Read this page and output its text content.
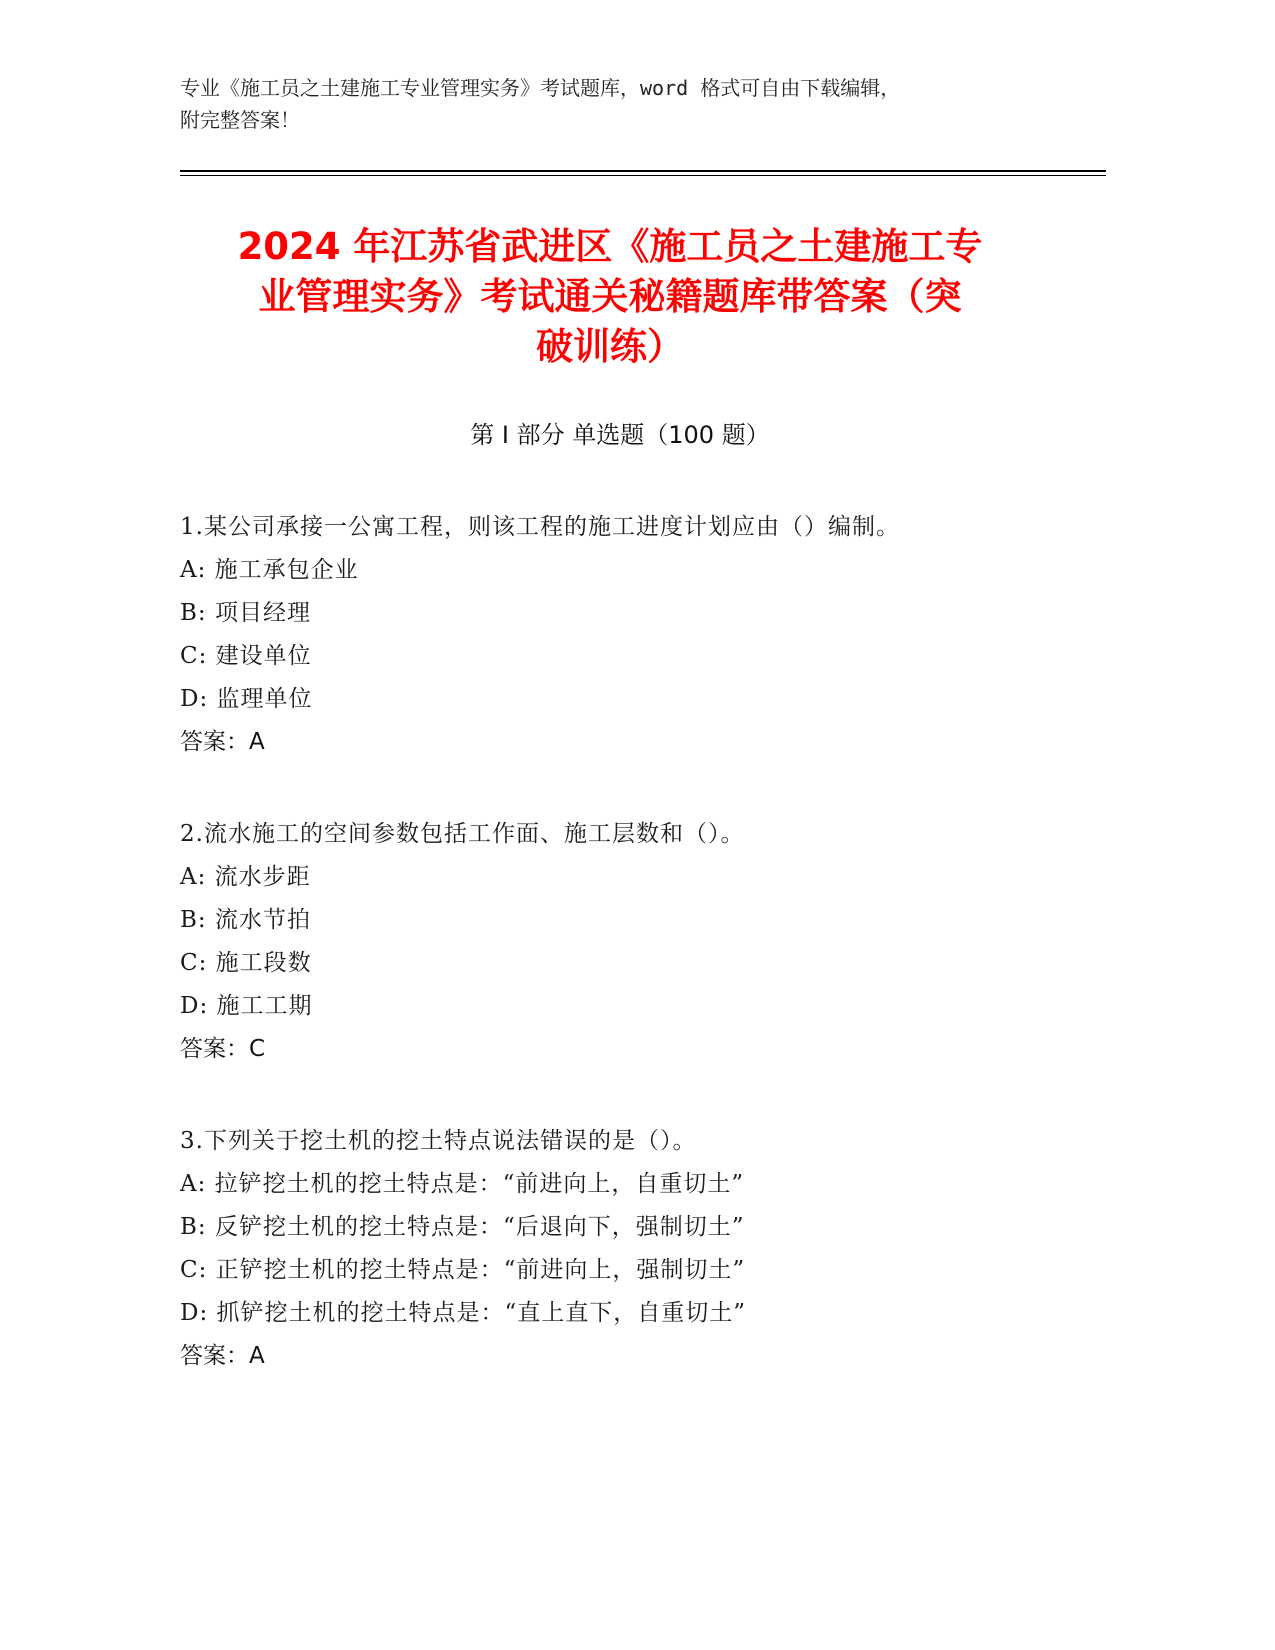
专业《施工员之土建施工专业管理实务》考试题库，word 格式可自由下载编辑，
附完整答案！
2024 年江苏省武进区《施工员之土建施工专
业管理实务》考试通关秘籍题库带答案（突
破训练）
第 I 部分 单选题（100 题）
1.某公司承接一公寓工程，则该工程的施工进度计划应由（）编制。
A: 施工承包企业
B: 项目经理
C: 建设单位
D: 监理单位
答案：A
2.流水施工的空间参数包括工作面、施工层数和（）。
A: 流水步距
B: 流水节拍
C: 施工段数
D: 施工工期
答案：C
3.下列关于挖土机的挖土特点说法错误的是（）。
A: 拉铲挖土机的挖土特点是：“前进向上，自重切土”
B: 反铲挖土机的挖土特点是：“后退向下，强制切土”
C: 正铲挖土机的挖土特点是：“前进向上，强制切土”
D: 抓铲挖土机的挖土特点是：“直上直下，自重切土”
答案：A
